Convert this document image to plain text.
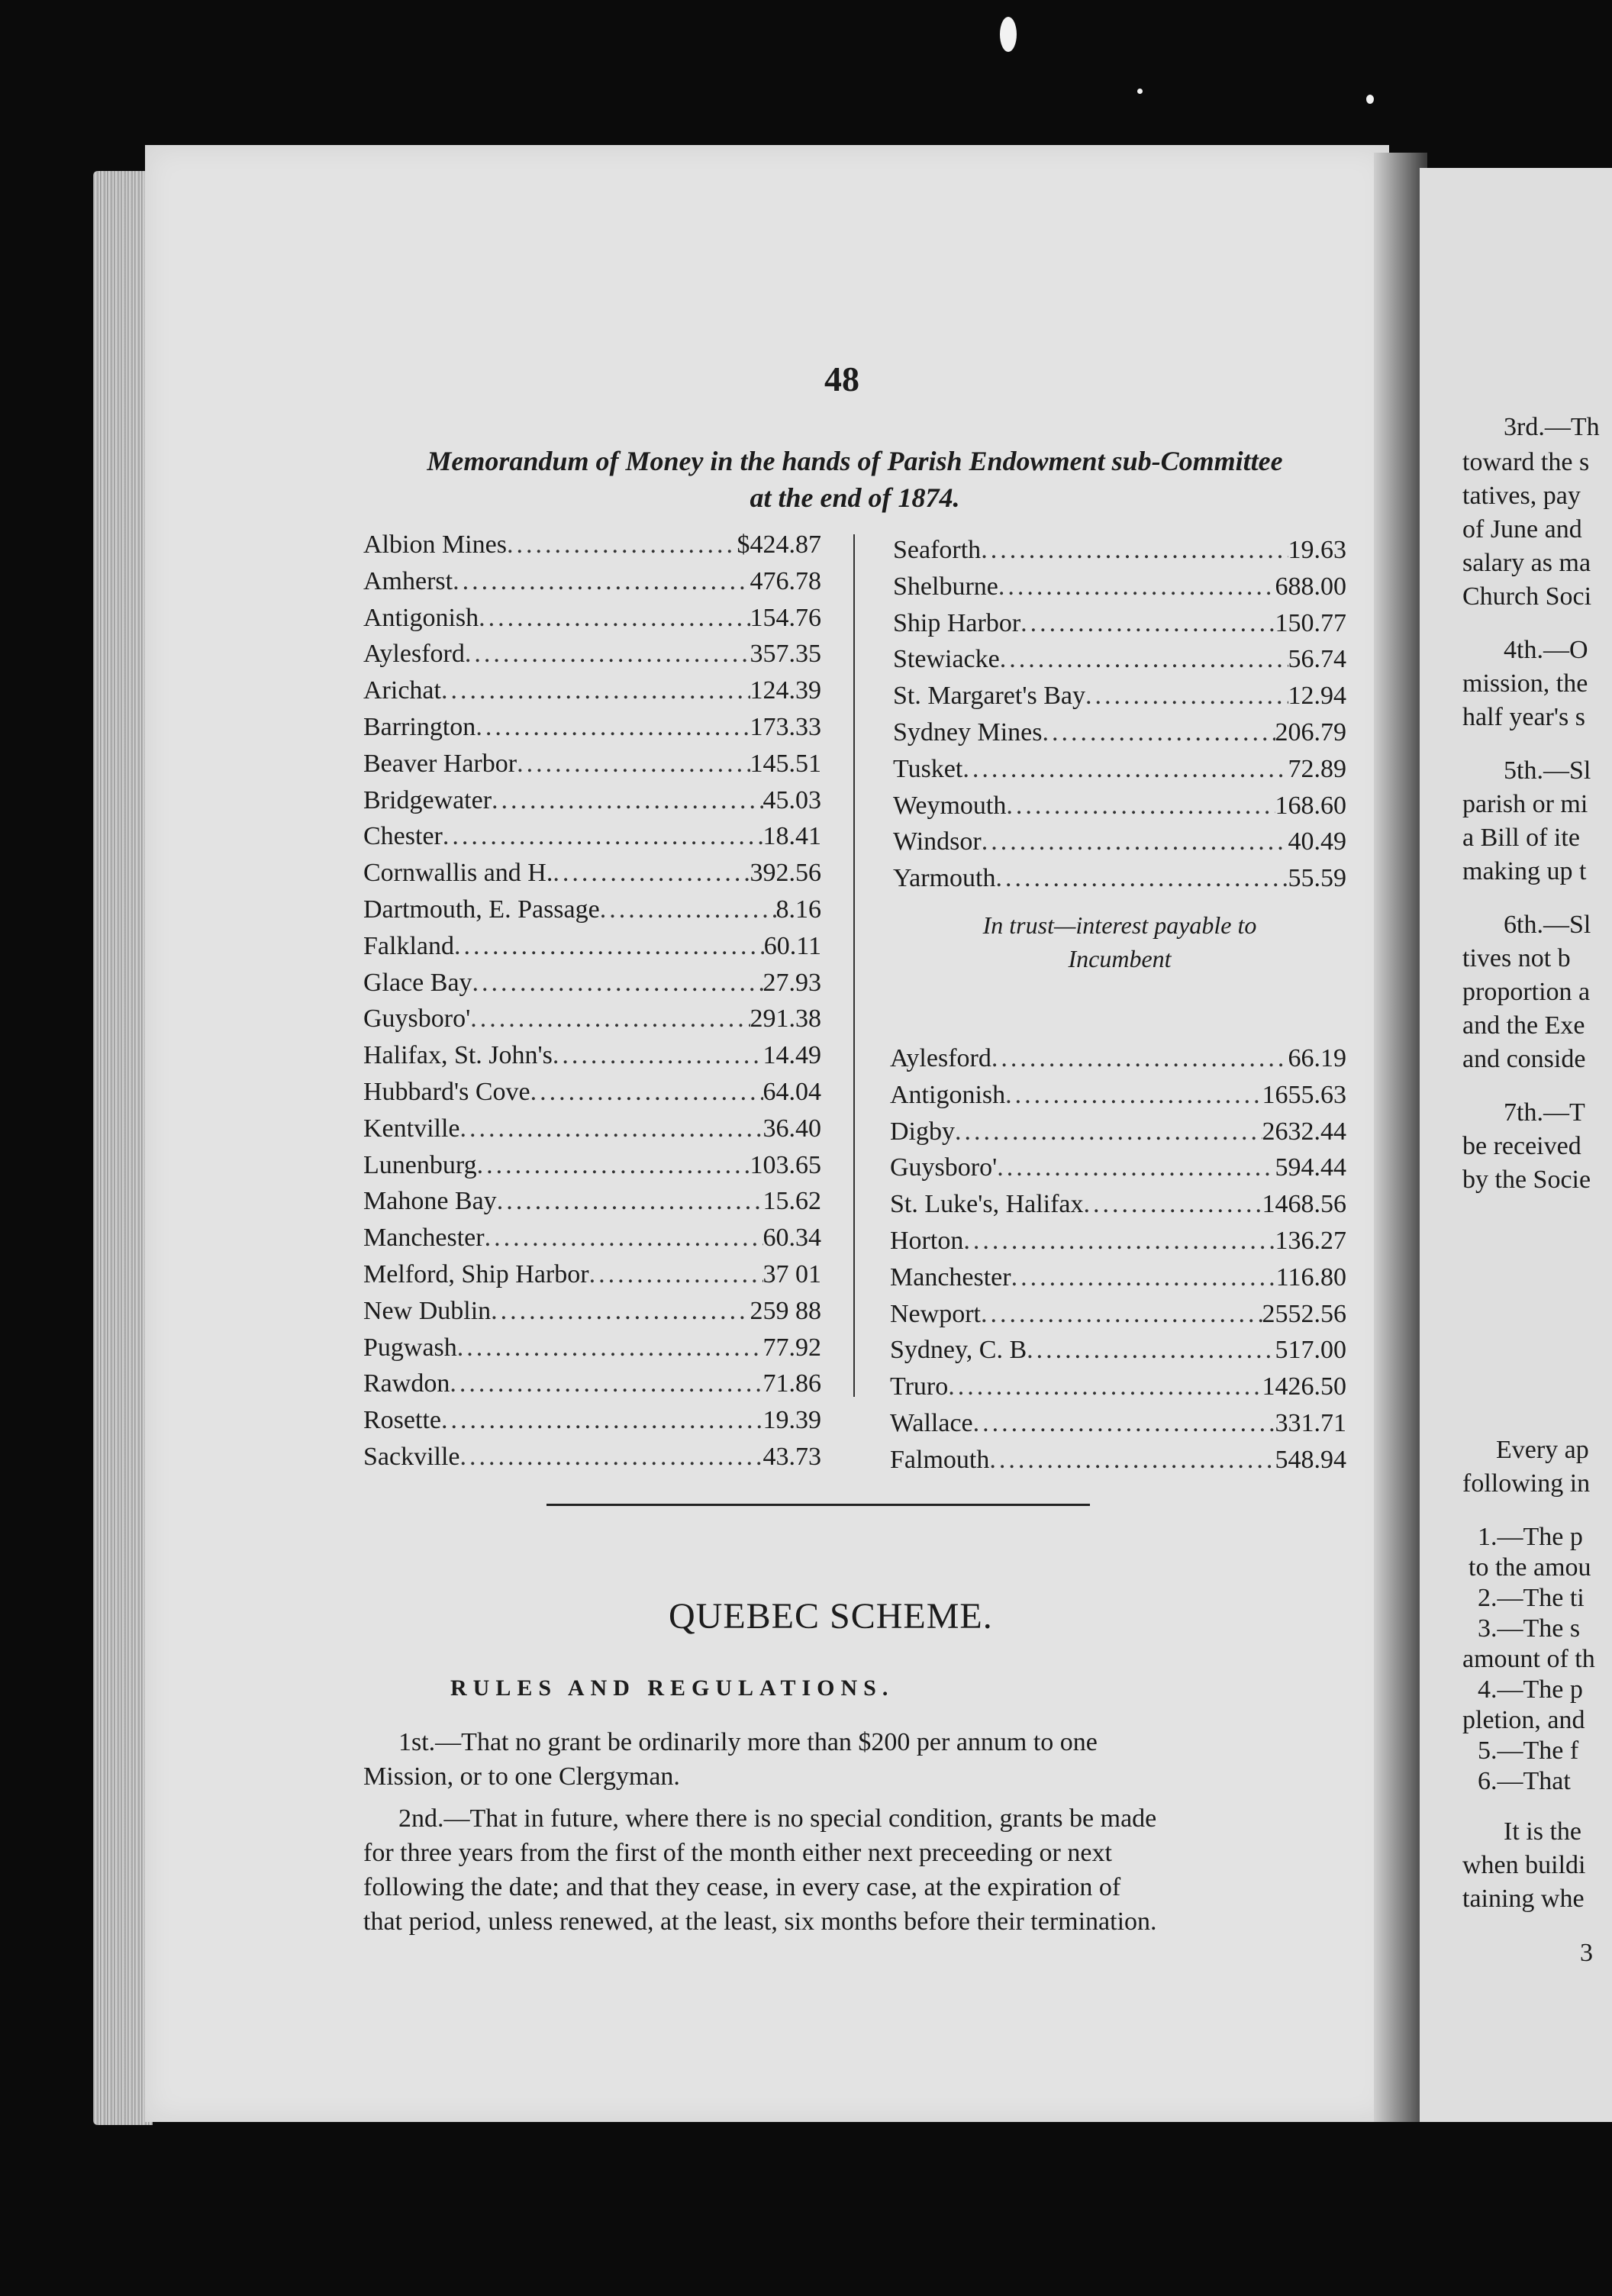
3rd.—Th
toward the s
tatives, pay
of June and
salary as ma
Church Soci
4th.—O
mission, the
half year's s
5th.—Sl
parish or mi
a Bill of ite
making up t
6th.—Sl
tives not b
proportion a
and the Exe
and conside
7th.—T
be received
by the Socie
Every ap
following in
1.—The p
to the amou
2.—The ti
3.—The s
amount of th
4.—The p
pletion, and
5.—The f
6.—That
It is the
when buildi
taining whe
3
48
Memorandum of Money in the hands of Parish Endowment sub-Committee
at the end of 1874.
Albion Mines .....	$424.87
Amherst .....	476.78
Antigonish .....	154.76
Aylesford .....	357.35
Arichat .....	124.39
Barrington .....	173.33
Beaver Harbor .....	145.51
Bridgewater .....	45.03
Chester .....	18.41
Cornwallis and H. .....	392.56
Dartmouth, E. Passage .....	8.16
Falkland .....	60.11
Glace Bay .....	27.93
Guysboro' .....	291.38
Halifax, St. John's .....	14.49
Hubbard's Cove .....	64.04
Kentville .....	36.40
Lunenburg .....	103.65
Mahone Bay .....	15.62
Manchester .....	60.34
Melford, Ship Harbor .....	37 01
New Dublin .....	259 88
Pugwash .....	77.92
Rawdon .....	71.86
Rosette .....	19.39
Sackville .....	43.73
Seaforth .....	19.63
Shelburne .....	688.00
Ship Harbor .....	150.77
Stewiacke .....	56.74
St. Margaret's Bay .....	12.94
Sydney Mines .....	206.79
Tusket .....	72.89
Weymouth .....	168.60
Windsor .....	40.49
Yarmouth .....	55.59
In trust—interest payable to
Incumbent
Aylesford .....	66.19
Antigonish .....	1655.63
Digby .....	2632.44
Guysboro' .....	594.44
St. Luke's, Halifax .....	1468.56
Horton .....	136.27
Manchester .....	116.80
Newport .....	2552.56
Sydney, C. B .....	517.00
Truro .....	1426.50
Wallace .....	331.71
Falmouth .....	548.94
QUEBEC SCHEME.
RULES AND REGULATIONS.
1st.—That no grant be ordinarily more than $200 per annum to one
Mission, or to one Clergyman.
2nd.—That in future, where there is no special condition, grants be made
for three years from the first of the month either next preceeding or next
following the date; and that they cease, in every case, at the expiration of
that period, unless renewed, at the least, six months before their termination.
